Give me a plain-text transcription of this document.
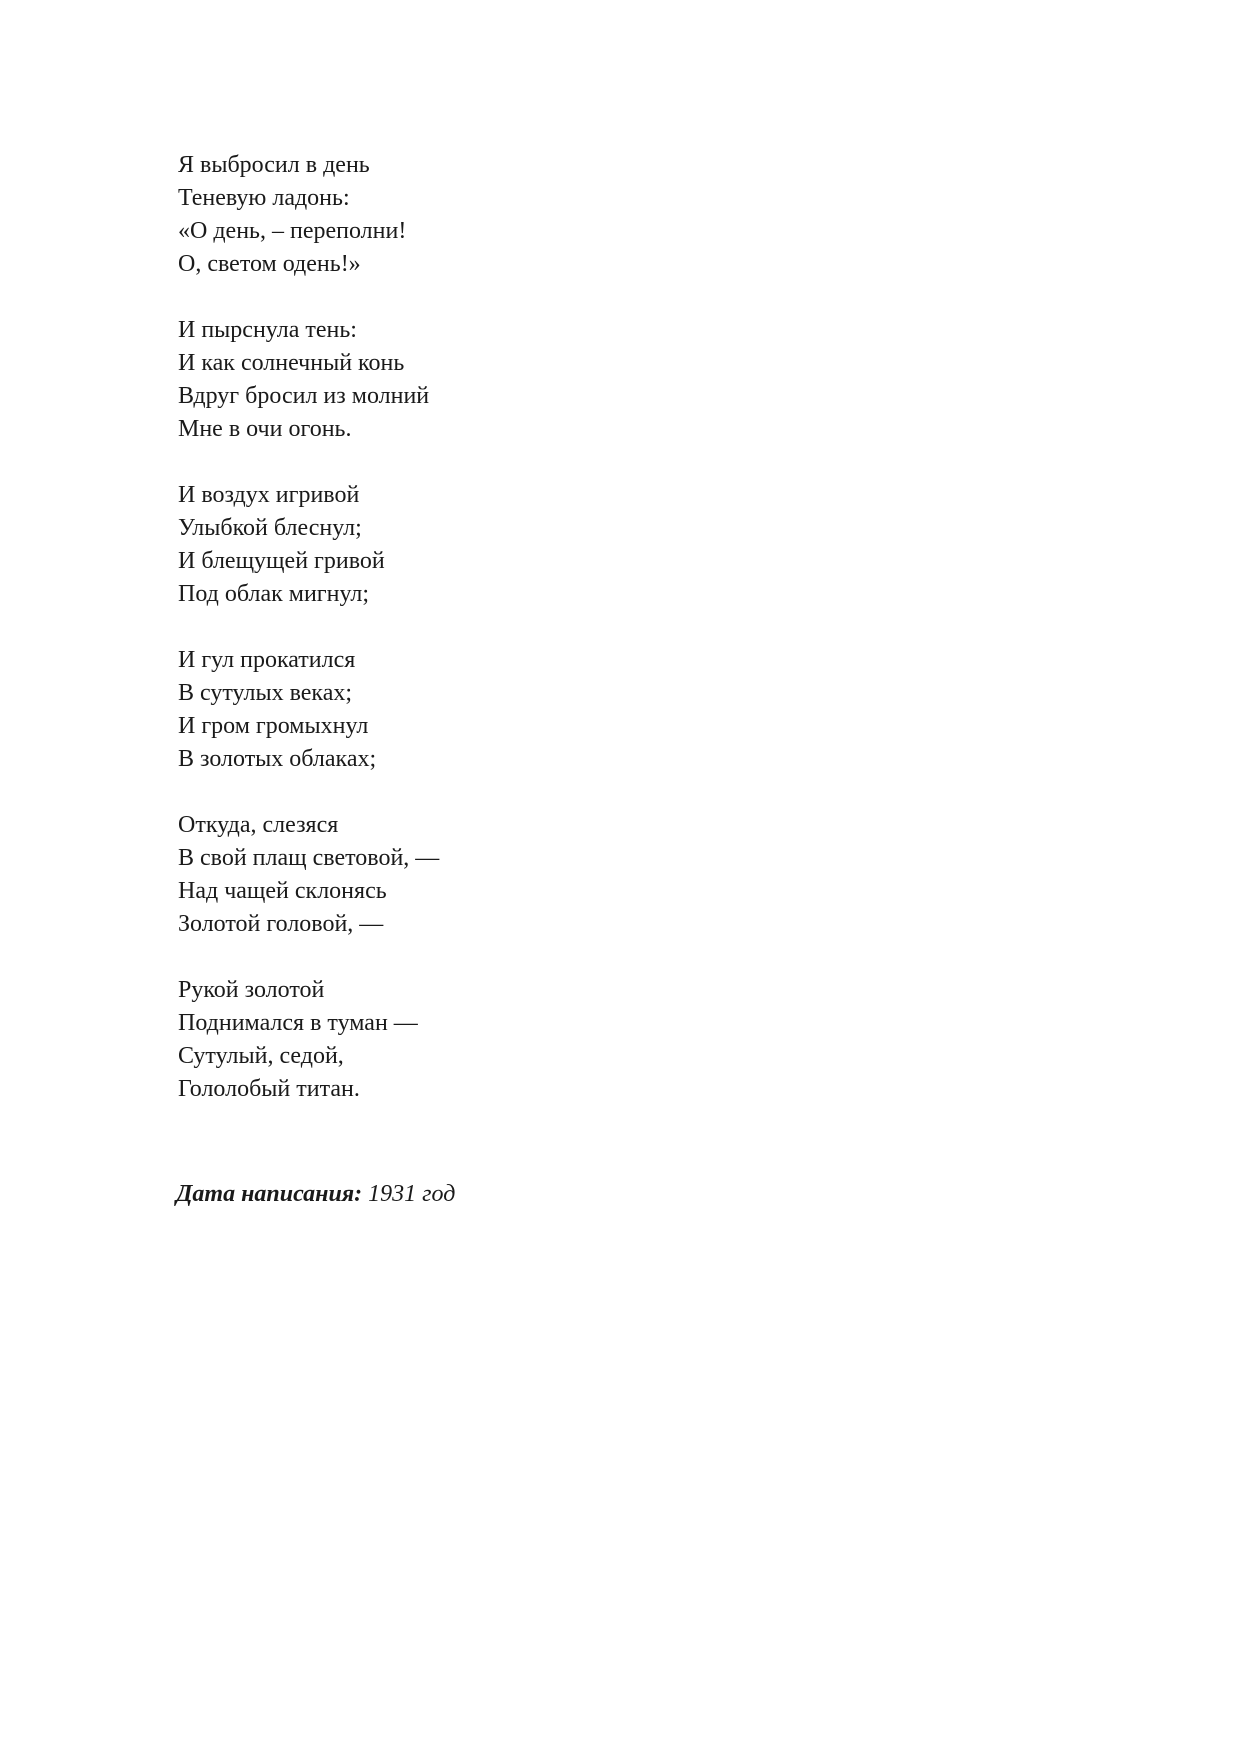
Я выбросил в день
Теневую ладонь:
«О день, – переполни!
О, светом одень!»
И пырснула тень:
И как солнечный конь
Вдруг бросил из молний
Мне в очи огонь.
И воздух игривой
Улыбкой блеснул;
И блещущей гривой
Под облак мигнул;
И гул прокатился
В сутулых веках;
И гром громыхнул
В золотых облаках;
Откуда, слезяся
В свой плащ световой, —
Над чащей склонясь
Золотой головой, —
Рукой золотой
Поднимался в туман —
Сутулый, седой,
Гололобый титан.
Дата написания: 1931 год
